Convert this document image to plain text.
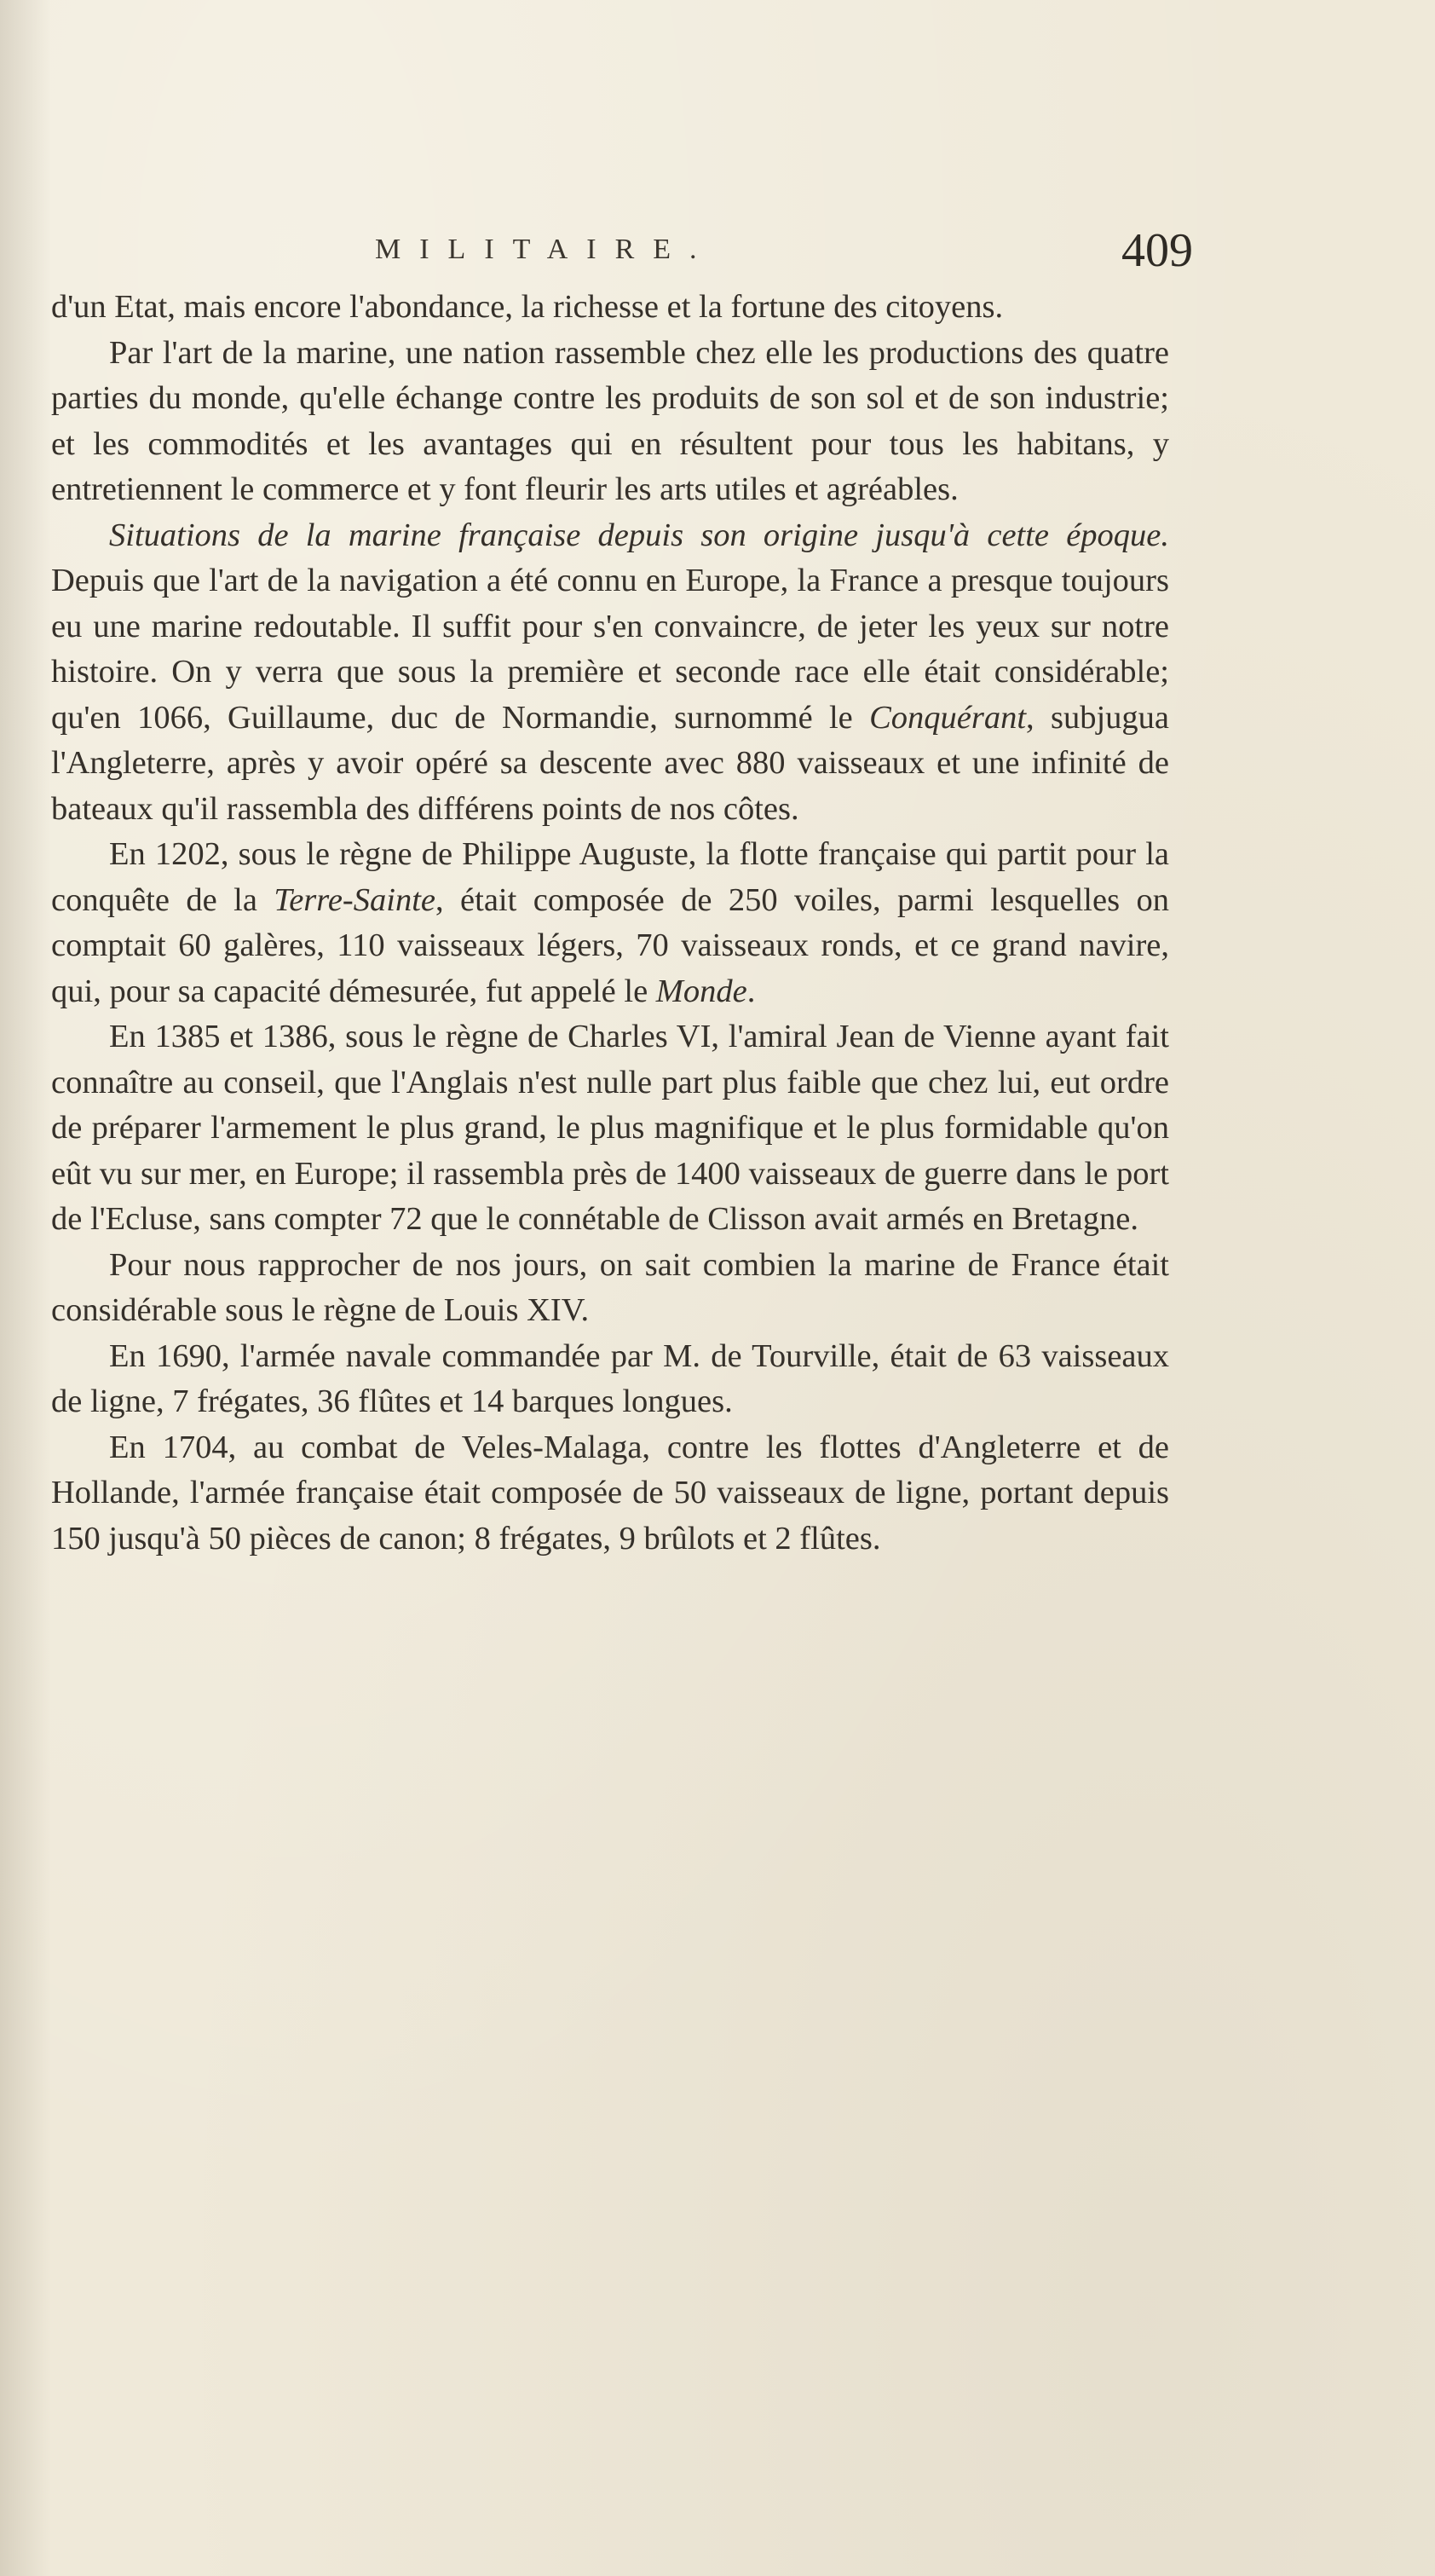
MILITAIRE.	409

d'un Etat, mais encore l'abondance, la richesse et la fortune des citoyens.

Par l'art de la marine, une nation rassemble chez elle les productions des quatre parties du monde, qu'elle échange contre les produits de son sol et de son industrie; et les commodités et les avantages qui en résultent pour tous les habitans, y entretiennent le commerce et y font fleurir les arts utiles et agréables.

Situations de la marine française depuis son origine jusqu'à cette époque. Depuis que l'art de la navigation a été connu en Europe, la France a presque toujours eu une marine redoutable. Il suffit pour s'en convaincre, de jeter les yeux sur notre histoire. On y verra que sous la première et seconde race elle était considérable; qu'en 1066, Guillaume, duc de Normandie, surnommé le Conquérant, subjugua l'Angleterre, après y avoir opéré sa descente avec 880 vaisseaux et une infinité de bateaux qu'il rassembla des différens points de nos côtes.

En 1202, sous le règne de Philippe Auguste, la flotte française qui partit pour la conquête de la Terre-Sainte, était composée de 250 voiles, parmi lesquelles on comptait 60 galères, 110 vaisseaux légers, 70 vaisseaux ronds, et ce grand navire, qui, pour sa capacité démesurée, fut appelé le Monde.

En 1385 et 1386, sous le règne de Charles VI, l'amiral Jean de Vienne ayant fait connaître au conseil, que l'Anglais n'est nulle part plus faible que chez lui, eut ordre de préparer l'armement le plus grand, le plus magnifique et le plus formidable qu'on eût vu sur mer, en Europe; il rassembla près de 1400 vaisseaux de guerre dans le port de l'Ecluse, sans compter 72 que le connétable de Clisson avait armés en Bretagne.

Pour nous rapprocher de nos jours, on sait combien la marine de France était considérable sous le règne de Louis XIV.

En 1690, l'armée navale commandée par M. de Tourville, était de 63 vaisseaux de ligne, 7 frégates, 36 flûtes et 14 barques longues.

En 1704, au combat de Veles-Malaga, contre les flottes d'Angleterre et de Hollande, l'armée française était composée de 50 vaisseaux de ligne, portant depuis 150 jusqu'à 50 pièces de canon; 8 frégates, 9 brûlots et 2 flûtes.
